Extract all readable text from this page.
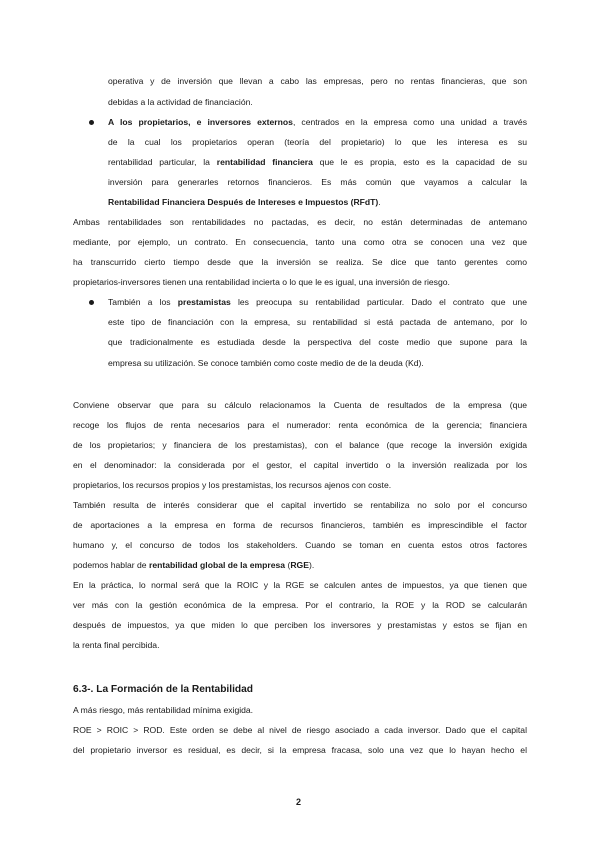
operativa y de inversión que llevan a cabo las empresas, pero no rentas financieras, que son
debidas a la actividad de financiación.
A los propietarios, e inversores externos, centrados en la empresa como una unidad a través
de la cual los propietarios operan (teoría del propietario) lo que les interesa es su
rentabilidad particular, la rentabilidad financiera que le es propia, esto es la capacidad de su
inversión para generarles retornos financieros. Es más común que vayamos a calcular la
Rentabilidad Financiera Después de Intereses e Impuestos (RFdT).
Ambas rentabilidades son rentabilidades no pactadas, es decir, no están determinadas de antemano
mediante, por ejemplo, un contrato. En consecuencia, tanto una como otra se conocen una vez que
ha transcurrido cierto tiempo desde que la inversión se realiza. Se dice que tanto gerentes como
propietarios-inversores tienen una rentabilidad incierta o lo que le es igual, una inversión de riesgo.
También a los prestamistas les preocupa su rentabilidad particular. Dado el contrato que une
este tipo de financiación con la empresa, su rentabilidad si está pactada de antemano, por lo
que tradicionalmente es estudiada desde la perspectiva del coste medio que supone para la
empresa su utilización. Se conoce también como coste medio de de la deuda (Kd).
Conviene observar que para su cálculo relacionamos la Cuenta de resultados de la empresa (que
recoge los flujos de renta necesarios para el numerador: renta económica de la gerencia; financiera
de los propietarios; y financiera de los prestamistas), con el balance (que recoge la inversión exigida
en el denominador: la considerada por el gestor, el capital invertido o la inversión realizada por los
propietarios, los recursos propios y los prestamistas, los recursos ajenos con coste.
También resulta de interés considerar que el capital invertido se rentabiliza no solo por el concurso
de aportaciones a la empresa en forma de recursos financieros, también es imprescindible el factor
humano y, el concurso de todos los stakeholders. Cuando se toman en cuenta estos otros factores
podemos hablar de rentabilidad global de la empresa (RGE).
En la práctica, lo normal será que la ROIC y la RGE se calculen antes de impuestos, ya que tienen que
ver más con la gestión económica de la empresa. Por el contrario, la ROE y la ROD se calcularán
después de impuestos, ya que miden lo que perciben los inversores y prestamistas y estos se fijan en
la renta final percibida.
6.3-. La Formación de la Rentabilidad
A más riesgo, más rentabilidad mínima exigida.
ROE > ROIC > ROD. Este orden se debe al nivel de riesgo asociado a cada inversor. Dado que el capital
del propietario inversor es residual, es decir, si la empresa fracasa, solo una vez que lo hayan hecho el
2
